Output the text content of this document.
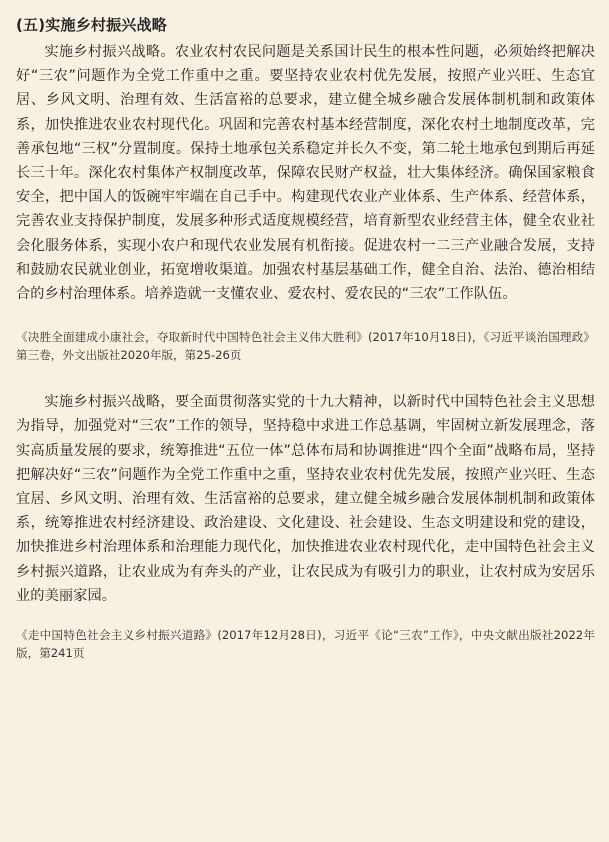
(五)实施乡村振兴战略

实施乡村振兴战略。农业农村农民问题是关系国计民生的根本性问题，必须始终把解决好“三农”问题作为全党工作重中之重。要坚持农业农村优先发展，按照产业兴旺、生态宜居、乡风文明、治理有效、生活富裕的总要求，建立健全城乡融合发展体制机制和政策体系，加快推进农业农村现代化。巩固和完善农村基本经营制度，深化农村土地制度改革，完善承包地“三权”分置制度。保持土地承包关系稳定并长久不变，第二轮土地承包到期后再延长三十年。深化农村集体产权制度改革，保障农民财产权益，壮大集体经济。确保国家粮食安全，把中国人的饭碗牢牢端在自己手中。构建现代农业产业体系、生产体系、经营体系，完善农业支持保护制度，发展多种形式适度规模经营，培育新型农业经营主体，健全农业社会化服务体系，实现小农户和现代农业发展有机衔接。促进农村一二三产业融合发展，支持和鼓励农民就业创业，拓宽增收渠道。加强农村基层基础工作，健全自治、法治、德治相结合的乡村治理体系。培养造就一支懂农业、爱农村、爱农民的“三农”工作队伍。

《决胜全面建成小康社会，夺取新时代中国特色社会主义伟大胜利》(2017年10月18日)，《习近平谈治国理政》第三卷，外文出版社2020年版，第25-26页

实施乡村振兴战略，要全面贯彻落实党的十九大精神，以新时代中国特色社会主义思想为指导，加强党对“三农”工作的领导，坚持稳中求进工作总基调，牢固树立新发展理念，落实高质量发展的要求，统筹推进“五位一体”总体布局和协调推进“四个全面”战略布局，坚持把解决好“三农”问题作为全党工作重中之重，坚持农业农村优先发展，按照产业兴旺、生态宜居、乡风文明、治理有效、生活富裕的总要求，建立健全城乡融合发展体制机制和政策体系，统筹推进农村经济建设、政治建设、文化建设、社会建设、生态文明建设和党的建设，加快推进乡村治理体系和治理能力现代化，加快推进农业农村现代化，走中国特色社会主义乡村振兴道路，让农业成为有奔头的产业，让农民成为有吸引力的职业，让农村成为安居乐业的美丽家园。

《走中国特色社会主义乡村振兴道路》(2017年12月28日)，习近平《论“三农”工作》，中央文献出版社2022年版，第241页
